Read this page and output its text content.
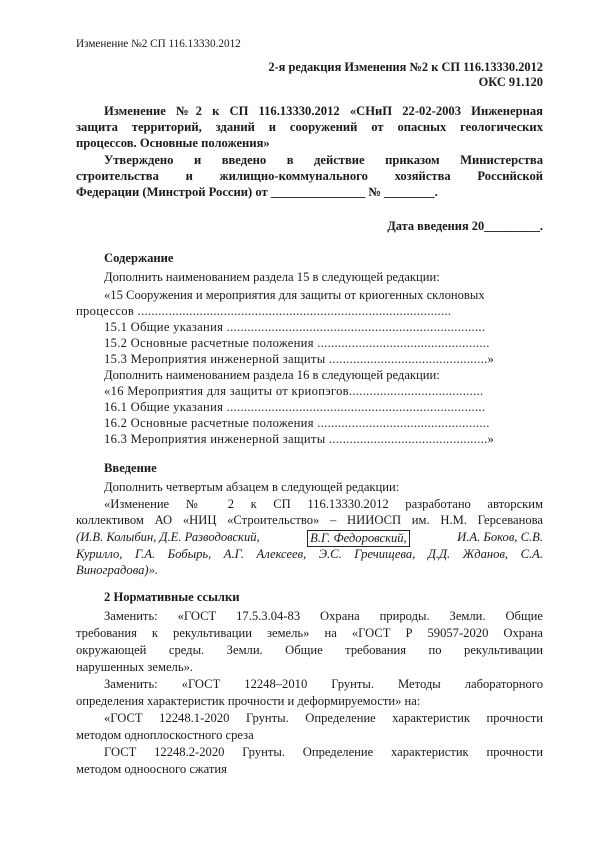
Изменение №2 СП 116.13330.2012
2-я редакция Изменения №2 к СП 116.13330.2012
ОКС 91.120
Изменение №2 к СП 116.13330.2012 «СНиП 22-02-2003 Инженерная
защита территорий, зданий и сооружений от опасных геологических
процессов. Основные положения»
Утверждено и введено в действие приказом Министерства
строительства и жилищно-коммунального хозяйства Российской
Федерации (Минстрой России) от _______________ № ________.
Дата введения 20_________.
Содержание
Дополнить наименованием раздела 15 в следующей редакции:
«15 Сооружения и мероприятия для защиты от криогенных склоновых
процессов ...........................................................................................
15.1 Общие указания ...........................................................................
15.2 Основные расчетные положения ..................................................
15.3 Мероприятия инженерной защиты ..............................................»
Дополнить наименованием раздела 16 в следующей редакции:
«16 Мероприятия для защиты от криопэгов.......................................
16.1 Общие указания ...........................................................................
16.2 Основные расчетные положения ..................................................
16.3 Мероприятия инженерной защиты ..............................................»
Введение
Дополнить четвертым абзацем в следующей редакции:
«Изменение № 2 к СП 116.13330.2012 разработано авторским
коллективом АО «НИЦ «Строительство» – НИИОСП им. Н.М. Герсеванова
(И.В. Колыбин, Д.Е. Разводовский,	В.Г. Федоровский,	И.А. Боков, С.В.
Курилло, Г.А. Бобырь, А.Г. Алексеев, Э.С. Гречищева, Д.Д. Жданов, С.А.
Виноградова)».
2 Нормативные ссылки
Заменить: «ГОСТ 17.5.3.04-83 Охрана природы. Земли. Общие
требования к рекультивации земель» на «ГОСТ Р 59057-2020 Охрана
окружающей среды. Земли. Общие требования по рекультивации
нарушенных земель».
Заменить: «ГОСТ 12248–2010 Грунты. Методы лабораторного
определения характеристик прочности и деформируемости» на:
«ГОСТ 12248.1-2020 Грунты. Определение характеристик прочности
методом одноплоскостного среза
ГОСТ 12248.2-2020 Грунты. Определение характеристик прочности
методом одноосного сжатия
